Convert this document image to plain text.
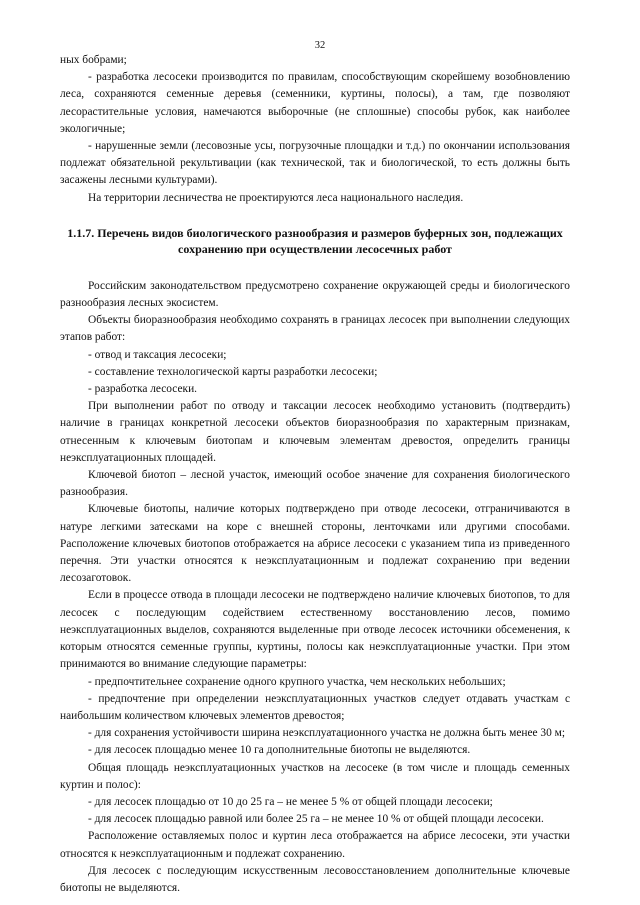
32

ных бобрами;

- разработка лесосеки производится по правилам, способствующим скорейшему возобновлению леса, сохраняются семенные деревья (семенники, куртины, полосы), а там, где позволяют лесорастительные условия, намечаются выборочные (не сплошные) способы рубок, как наиболее экологичные;

- нарушенные земли (лесовозные усы, погрузочные площадки и т.д.) по окончании использования подлежат обязательной рекультивации (как технической, так и биологической, то есть должны быть засажены лесными культурами).

На территории лесничества не проектируются леса национального наследия.

1.1.7. Перечень видов биологического разнообразия и размеров буферных зон, подлежащих сохранению при осуществлении лесосечных работ

Российским законодательством предусмотрено сохранение окружающей среды и биологического разнообразия лесных экосистем.

Объекты биоразнообразия необходимо сохранять в границах лесосек при выполнении следующих этапов работ:

- отвод и таксация лесосеки;

- составление технологической карты разработки лесосеки;

- разработка лесосеки.

При выполнении работ по отводу и таксации лесосек необходимо установить (подтвердить) наличие в границах конкретной лесосеки объектов биоразнообразия по характерным признакам, отнесенным к ключевым биотопам и ключевым элементам древостоя, определить границы неэксплуатационных площадей.

Ключевой биотоп – лесной участок, имеющий особое значение для сохранения биологического разнообразия.

Ключевые биотопы, наличие которых подтверждено при отводе лесосеки, отграничиваются в натуре легкими затесками на коре с внешней стороны, ленточками или другими способами. Расположение ключевых биотопов отображается на абрисе лесосеки с указанием типа из приведенного перечня. Эти участки относятся к неэксплуатационным и подлежат сохранению при ведении лесозаготовок.

Если в процессе отвода в площади лесосеки не подтверждено наличие ключевых биотопов, то для лесосек с последующим содействием естественному восстановлению лесов, помимо неэксплуатационных выделов, сохраняются выделенные при отводе лесосек источники обсеменения, к которым относятся семенные группы, куртины, полосы как неэксплуатационные участки. При этом принимаются во внимание следующие параметры:

- предпочтительнее сохранение одного крупного участка, чем нескольких небольших;

- предпочтение при определении неэксплуатационных участков следует отдавать участкам с наибольшим количеством ключевых элементов древостоя;

- для сохранения устойчивости ширина неэксплуатационного участка не должна быть менее 30 м;

- для лесосек площадью менее 10 га дополнительные биотопы не выделяются.

Общая площадь неэксплуатационных участков на лесосеке (в том числе и площадь семенных куртин и полос):

- для лесосек площадью от 10 до 25 га – не менее 5 % от общей площади лесосеки;

- для лесосек площадью равной или более 25 га – не менее 10 % от общей площади лесосеки.

Расположение оставляемых полос и куртин леса отображается на абрисе лесосеки, эти участки относятся к неэксплуатационным и подлежат сохранению.

Для лесосек с последующим искусственным лесовосстановлением дополнительные ключевые биотопы не выделяются.
